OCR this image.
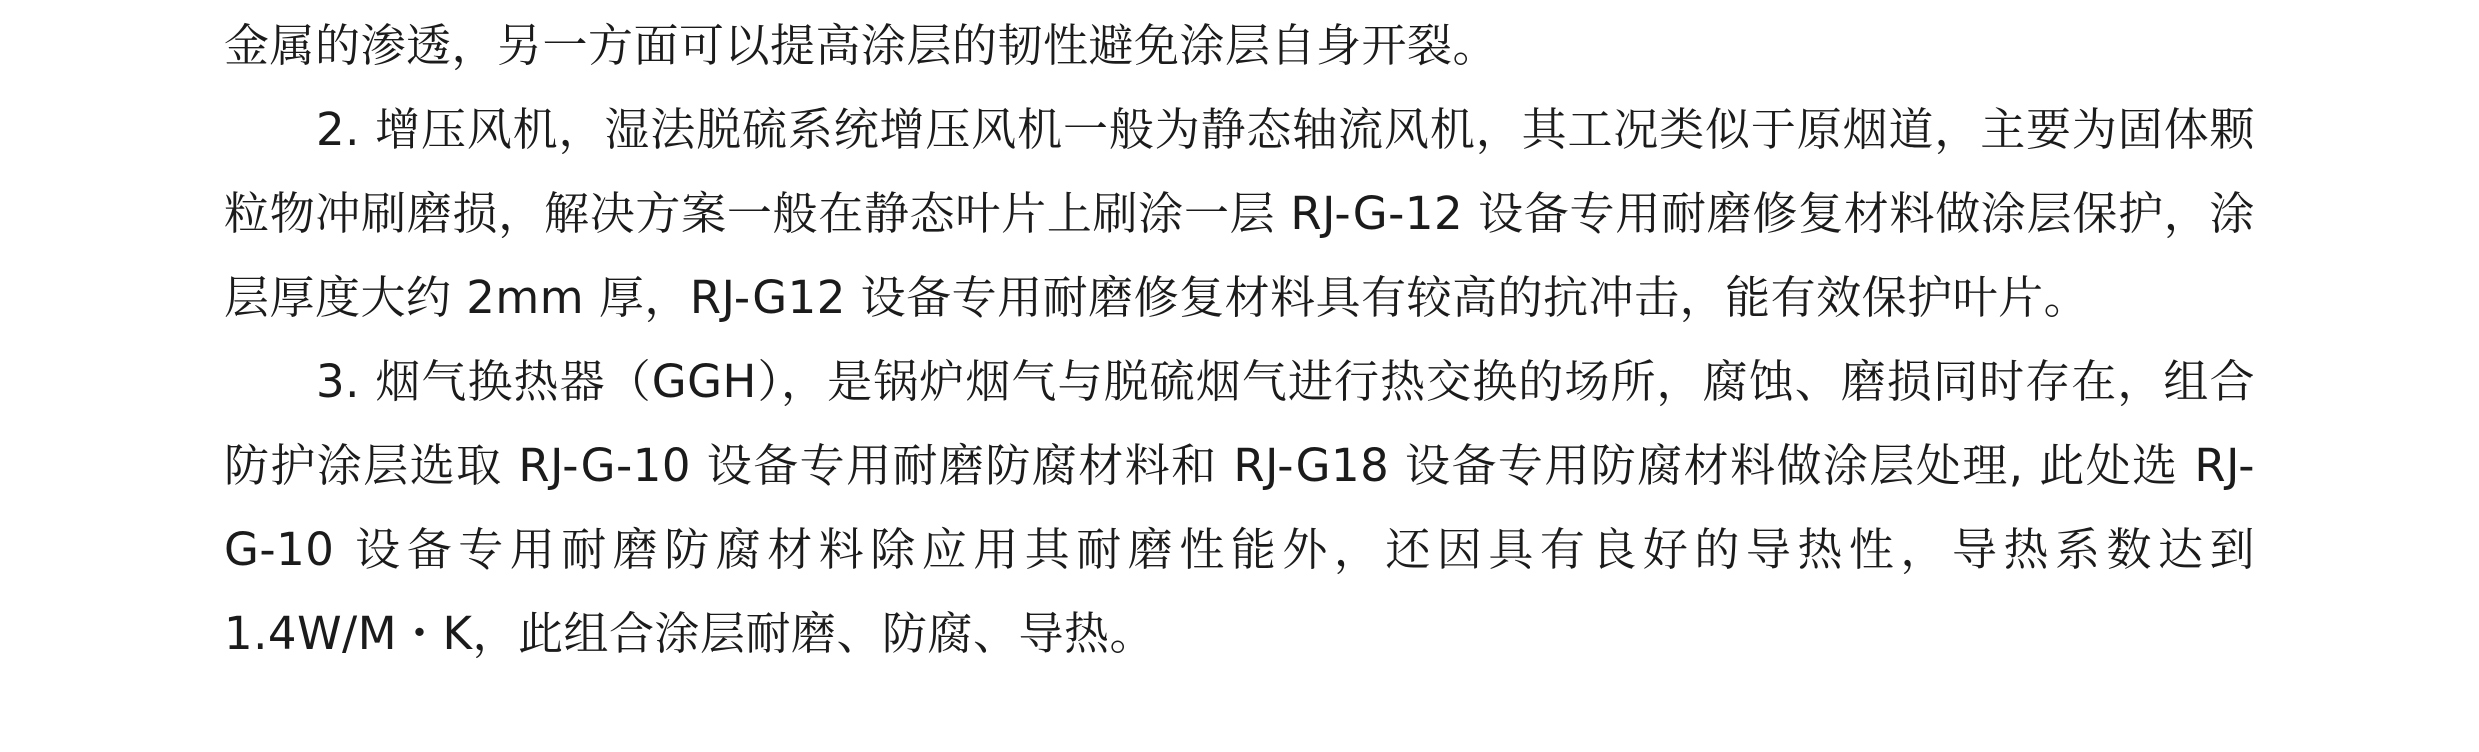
金属的渗透，另一方面可以提高涂层的韧性避免涂层自身开裂。

2. 增压风机，湿法脱硫系统增压风机一般为静态轴流风机，其工况类似于原烟道，主要为固体颗粒物冲刷磨损，解决方案一般在静态叶片上刷涂一层 RJ-G-12 设备专用耐磨修复材料做涂层保护，涂层厚度大约 2mm 厚，RJ-G12 设备专用耐磨修复材料具有较高的抗冲击，能有效保护叶片。

3. 烟气换热器（GGH），是锅炉烟气与脱硫烟气进行热交换的场所，腐蚀、磨损同时存在，组合防护涂层选取 RJ-G-10 设备专用耐磨防腐材料和 RJ-G18 设备专用防腐材料做涂层处理, 此处选 RJ-G-10 设备专用耐磨防腐材料除应用其耐磨性能外，还因具有良好的导热性，导热系数达到 1.4W/M・K，此组合涂层耐磨、防腐、导热。
